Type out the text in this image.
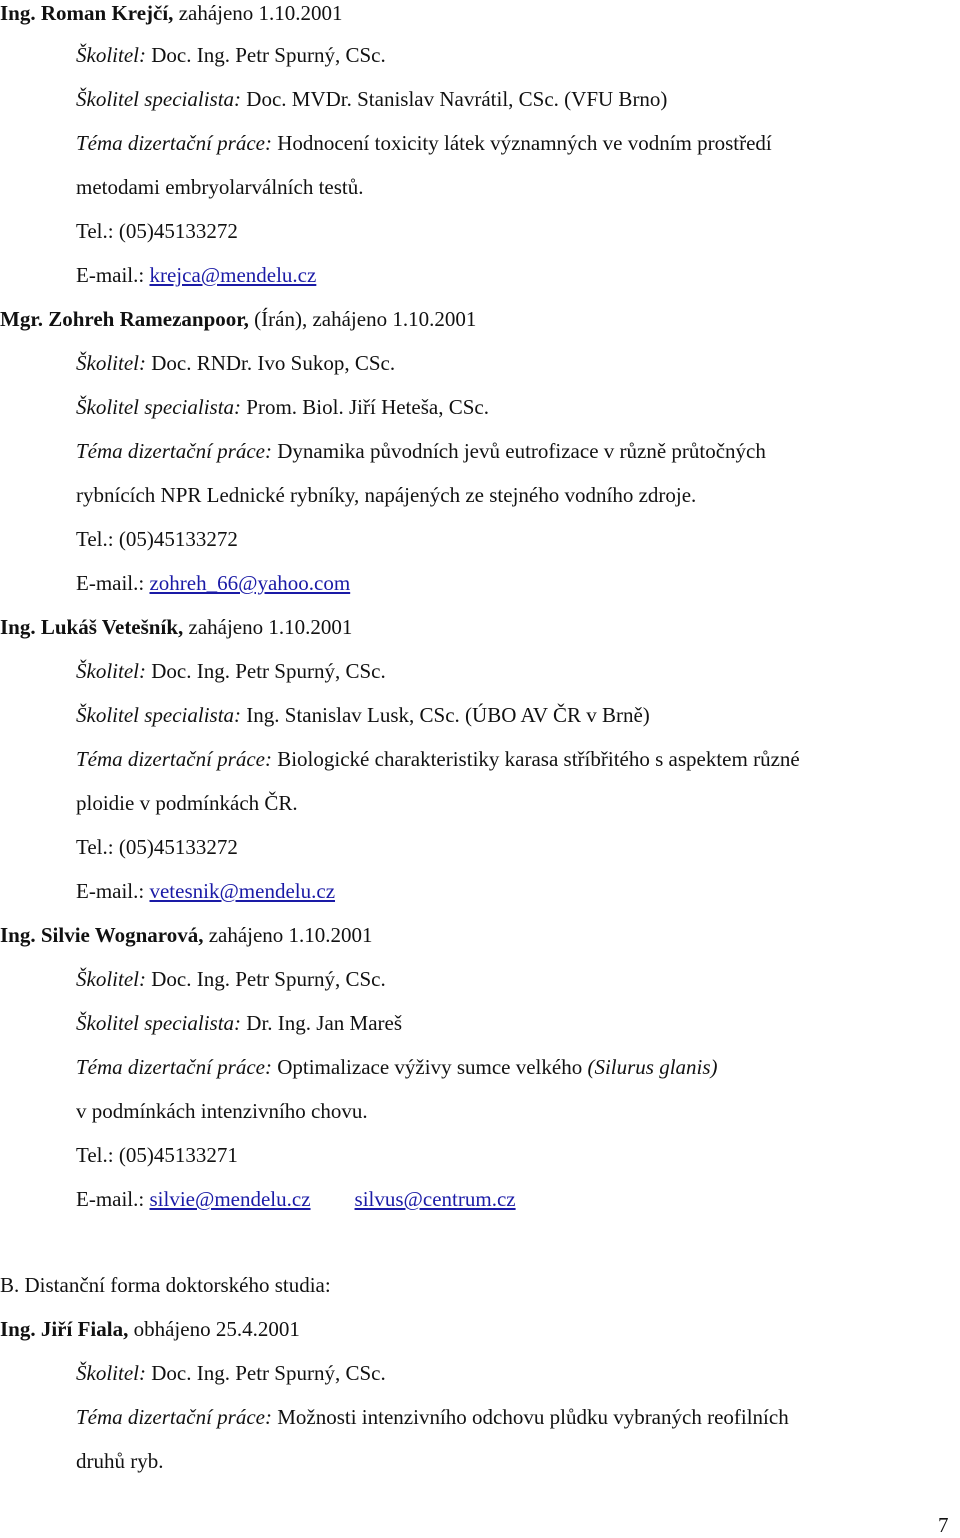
Ing. Roman Krejčí, zahájeno 1.10.2001
Školitel: Doc. Ing. Petr Spurný, CSc.
Školitel specialista: Doc. MVDr. Stanislav Navrátil, CSc. (VFU Brno)
Téma dizertační práce: Hodnocení toxicity látek významných ve vodním prostředí
metodami embryolarválních testů.
Tel.: (05)45133272
E-mail.: krejca@mendelu.cz
Mgr. Zohreh Ramezanpoor, (Írán), zahájeno 1.10.2001
Školitel: Doc. RNDr. Ivo Sukop, CSc.
Školitel specialista: Prom. Biol. Jiří Heteša, CSc.
Téma dizertační práce: Dynamika původních jevů eutrofizace v různě průtočných
rybnících NPR Lednické rybníky, napájených ze stejného vodního zdroje.
Tel.: (05)45133272
E-mail.: zohreh_66@yahoo.com
Ing. Lukáš Vetešník, zahájeno 1.10.2001
Školitel: Doc. Ing. Petr Spurný, CSc.
Školitel specialista: Ing. Stanislav Lusk, CSc. (ÚBO AV ČR v Brně)
Téma dizertační práce: Biologické charakteristiky karasa stříbřitého s aspektem různé
ploidie v podmínkách ČR.
Tel.: (05)45133272
E-mail.: vetesnik@mendelu.cz
Ing. Silvie Wognarová, zahájeno 1.10.2001
Školitel: Doc. Ing. Petr Spurný, CSc.
Školitel specialista: Dr. Ing. Jan Mareš
Téma dizertační práce: Optimalizace výživy sumce velkého (Silurus glanis)
v podmínkách intenzivního chovu.
Tel.: (05)45133271
E-mail.: silvie@mendelu.cz silvus@centrum.cz
B. Distanční forma doktorského studia:
Ing. Jiří Fiala, obhájeno 25.4.2001
Školitel: Doc. Ing. Petr Spurný, CSc.
Téma dizertační práce: Možnosti intenzivního odchovu plůdku vybraných reofilních
druhů ryb.
7
